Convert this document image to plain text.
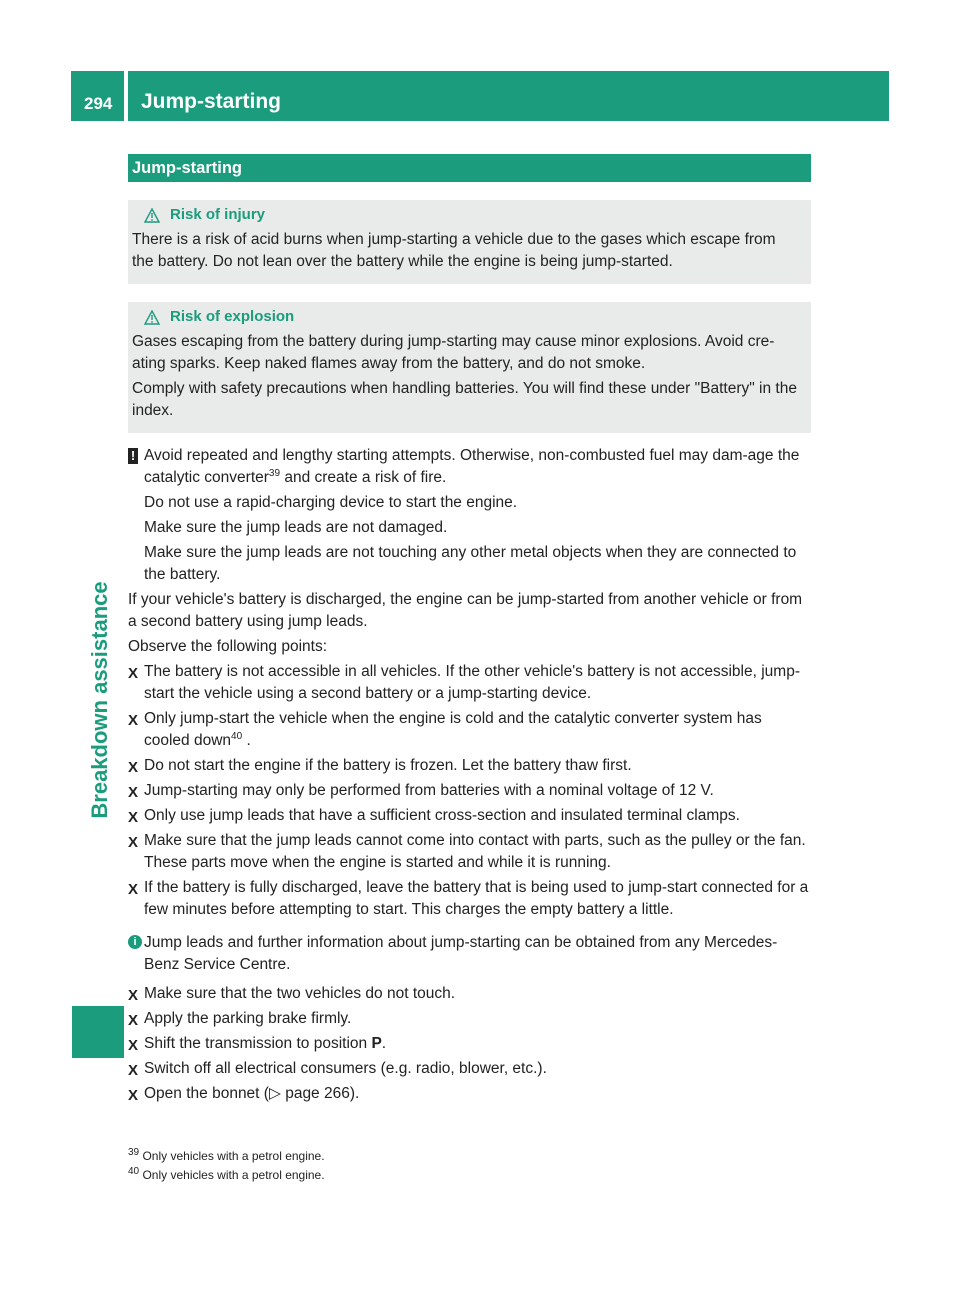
294 Jump-starting
Breakdown assistance
Jump-starting
Risk of injury

There is a risk of acid burns when jump-starting a vehicle due to the gases which escape from the battery. Do not lean over the battery while the engine is being jump-started.

Risk of explosion

Gases escaping from the battery during jump-starting may cause minor explosions. Avoid cre-ating sparks. Keep naked flames away from the battery, and do not smoke.

Comply with safety precautions when handling batteries. You will find these under "Battery" in the index.

! Avoid repeated and lengthy starting attempts. Otherwise, non-combusted fuel may dam-age the catalytic converter$^{39}$ and create a risk of fire.

Do not use a rapid-charging device to start the engine.

Make sure the jump leads are not damaged.

Make sure the jump leads are not touching any other metal objects when they are connected to the battery.

If your vehicle's battery is discharged, the engine can be jump-started from another vehicle or from a second battery using jump leads.

Observe the following points:

X The battery is not accessible in all vehicles. If the other vehicle's battery is not accessible, jump-start the vehicle using a second battery or a jump-starting device.
X Only jump-start the vehicle when the engine is cold and the catalytic converter system has cooled down$^{40}$ .
X Do not start the engine if the battery is frozen. Let the battery thaw first.
X Jump-starting may only be performed from batteries with a nominal voltage of 12 V.
X Only use jump leads that have a sufficient cross-section and insulated terminal clamps.
X Make sure that the jump leads cannot come into contact with parts, such as the pulley or the fan. These parts move when the engine is started and while it is running.
X If the battery is fully discharged, leave the battery that is being used to jump-start connected for a few minutes before attempting to start. This charges the empty battery a little.
i Jump leads and further information about jump-starting can be obtained from any Mercedes-Benz Service Centre.

X Make sure that the two vehicles do not touch.
X Apply the parking brake firmly.
X Shift the transmission to position P.
X Switch off all electrical consumers (e.g. radio, blower, etc.).
X Open the bonnet (▷ page 266).
$^{39}$ Only vehicles with a petrol engine.
$^{40}$ Only vehicles with a petrol engine.
